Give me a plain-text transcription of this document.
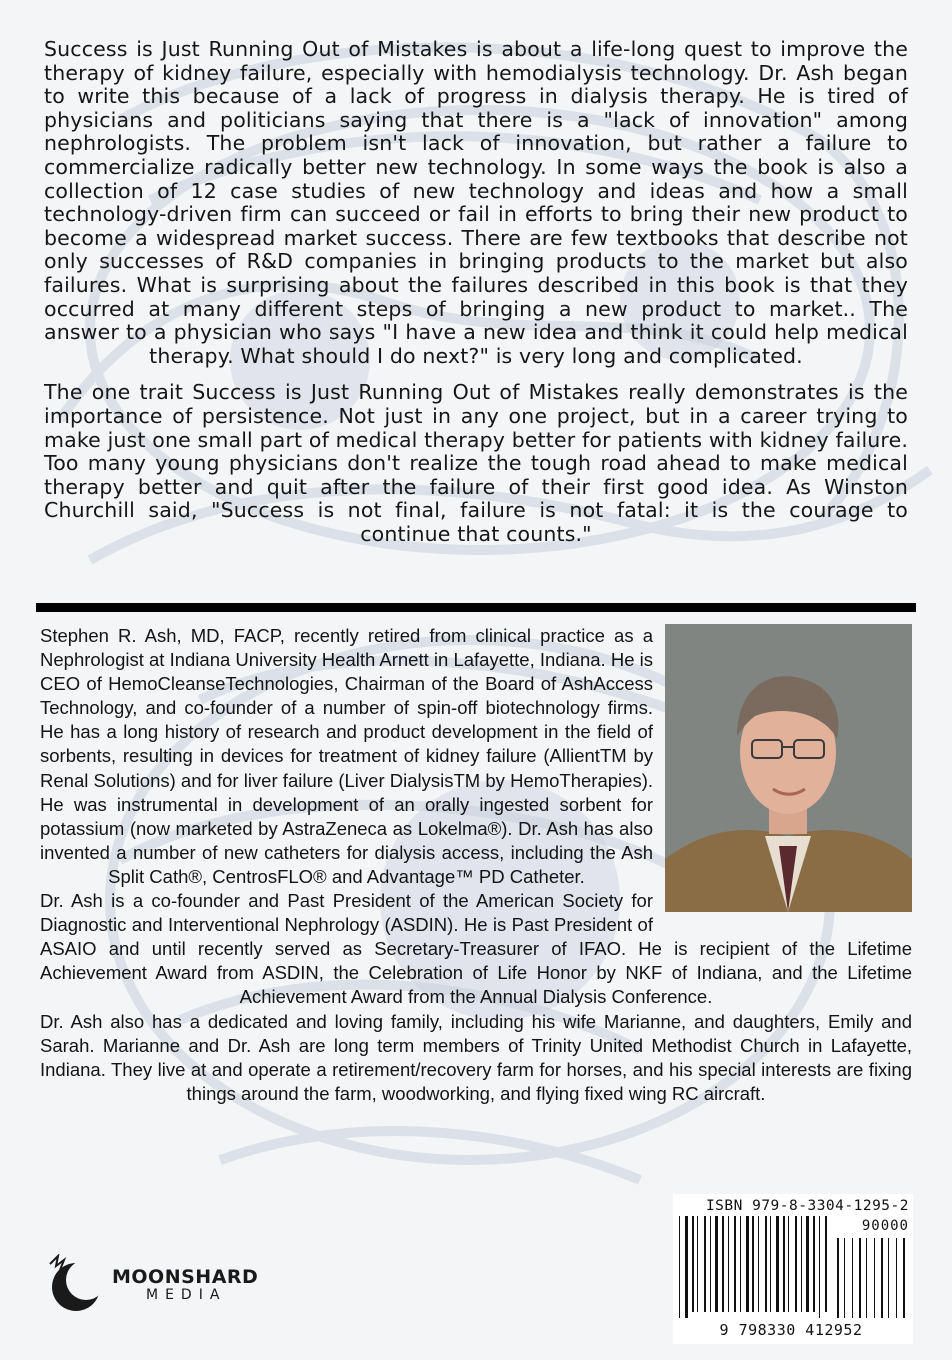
Success is Just Running Out of Mistakes is about a life-long quest to improve the therapy of kidney failure, especially with hemodialysis technology. Dr. Ash began to write this because of a lack of progress in dialysis therapy. He is tired of physicians and politicians saying that there is a "lack of innovation" among nephrologists. The problem isn't lack of innovation, but rather a failure to commercialize radically better new technology. In some ways the book is also a collection of 12 case studies of new technology and ideas and how a small technology-driven firm can succeed or fail in efforts to bring their new product to become a widespread market success. There are few textbooks that describe not only successes of R&D companies in bringing products to the market but also failures. What is surprising about the failures described in this book is that they occurred at many different steps of bringing a new product to market.. The answer to a physician who says "I have a new idea and think it could help medical therapy. What should I do next?" is very long and complicated.

The one trait Success is Just Running Out of Mistakes really demonstrates is the importance of persistence. Not just in any one project, but in a career trying to make just one small part of medical therapy better for patients with kidney failure. Too many young physicians don't realize the tough road ahead to make medical therapy better and quit after the failure of their first good idea. As Winston Churchill said, "Success is not final, failure is not fatal: it is the courage to continue that counts."

Stephen R. Ash, MD, FACP, recently retired from clinical practice as a Nephrologist at Indiana University Health Arnett in Lafayette, Indiana. He is CEO of HemoCleanseTechnologies, Chairman of the Board of AshAccess Technology, and co-founder of a number of spin-off biotechnology firms. He has a long history of research and product development in the field of sorbents, resulting in devices for treatment of kidney failure (AllientTM by Renal Solutions) and for liver failure (Liver DialysisTM by HemoTherapies). He was instrumental in development of an orally ingested sorbent for potassium (now marketed by AstraZeneca as Lokelma®). Dr. Ash has also invented a number of new catheters for dialysis access, including the Ash Split Cath®, CentrosFLO® and Advantage™ PD Catheter.

Dr. Ash is a co-founder and Past President of the American Society for Diagnostic and Interventional Nephrology (ASDIN). He is Past President of ASAIO and until recently served as Secretary-Treasurer of IFAO. He is recipient of the Lifetime Achievement Award from ASDIN, the Celebration of Life Honor by NKF of Indiana, and the Lifetime Achievement Award from the Annual Dialysis Conference.

Dr. Ash also has a dedicated and loving family, including his wife Marianne, and daughters, Emily and Sarah. Marianne and Dr. Ash are long term members of Trinity United Methodist Church in Lafayette, Indiana. They live at and operate a retirement/recovery farm for horses, and his special interests are fixing things around the farm, woodworking, and flying fixed wing RC aircraft.

MOONSHARD
MEDIA
ISBN 979-8-3304-1295-2
90000
9 798330 412952
